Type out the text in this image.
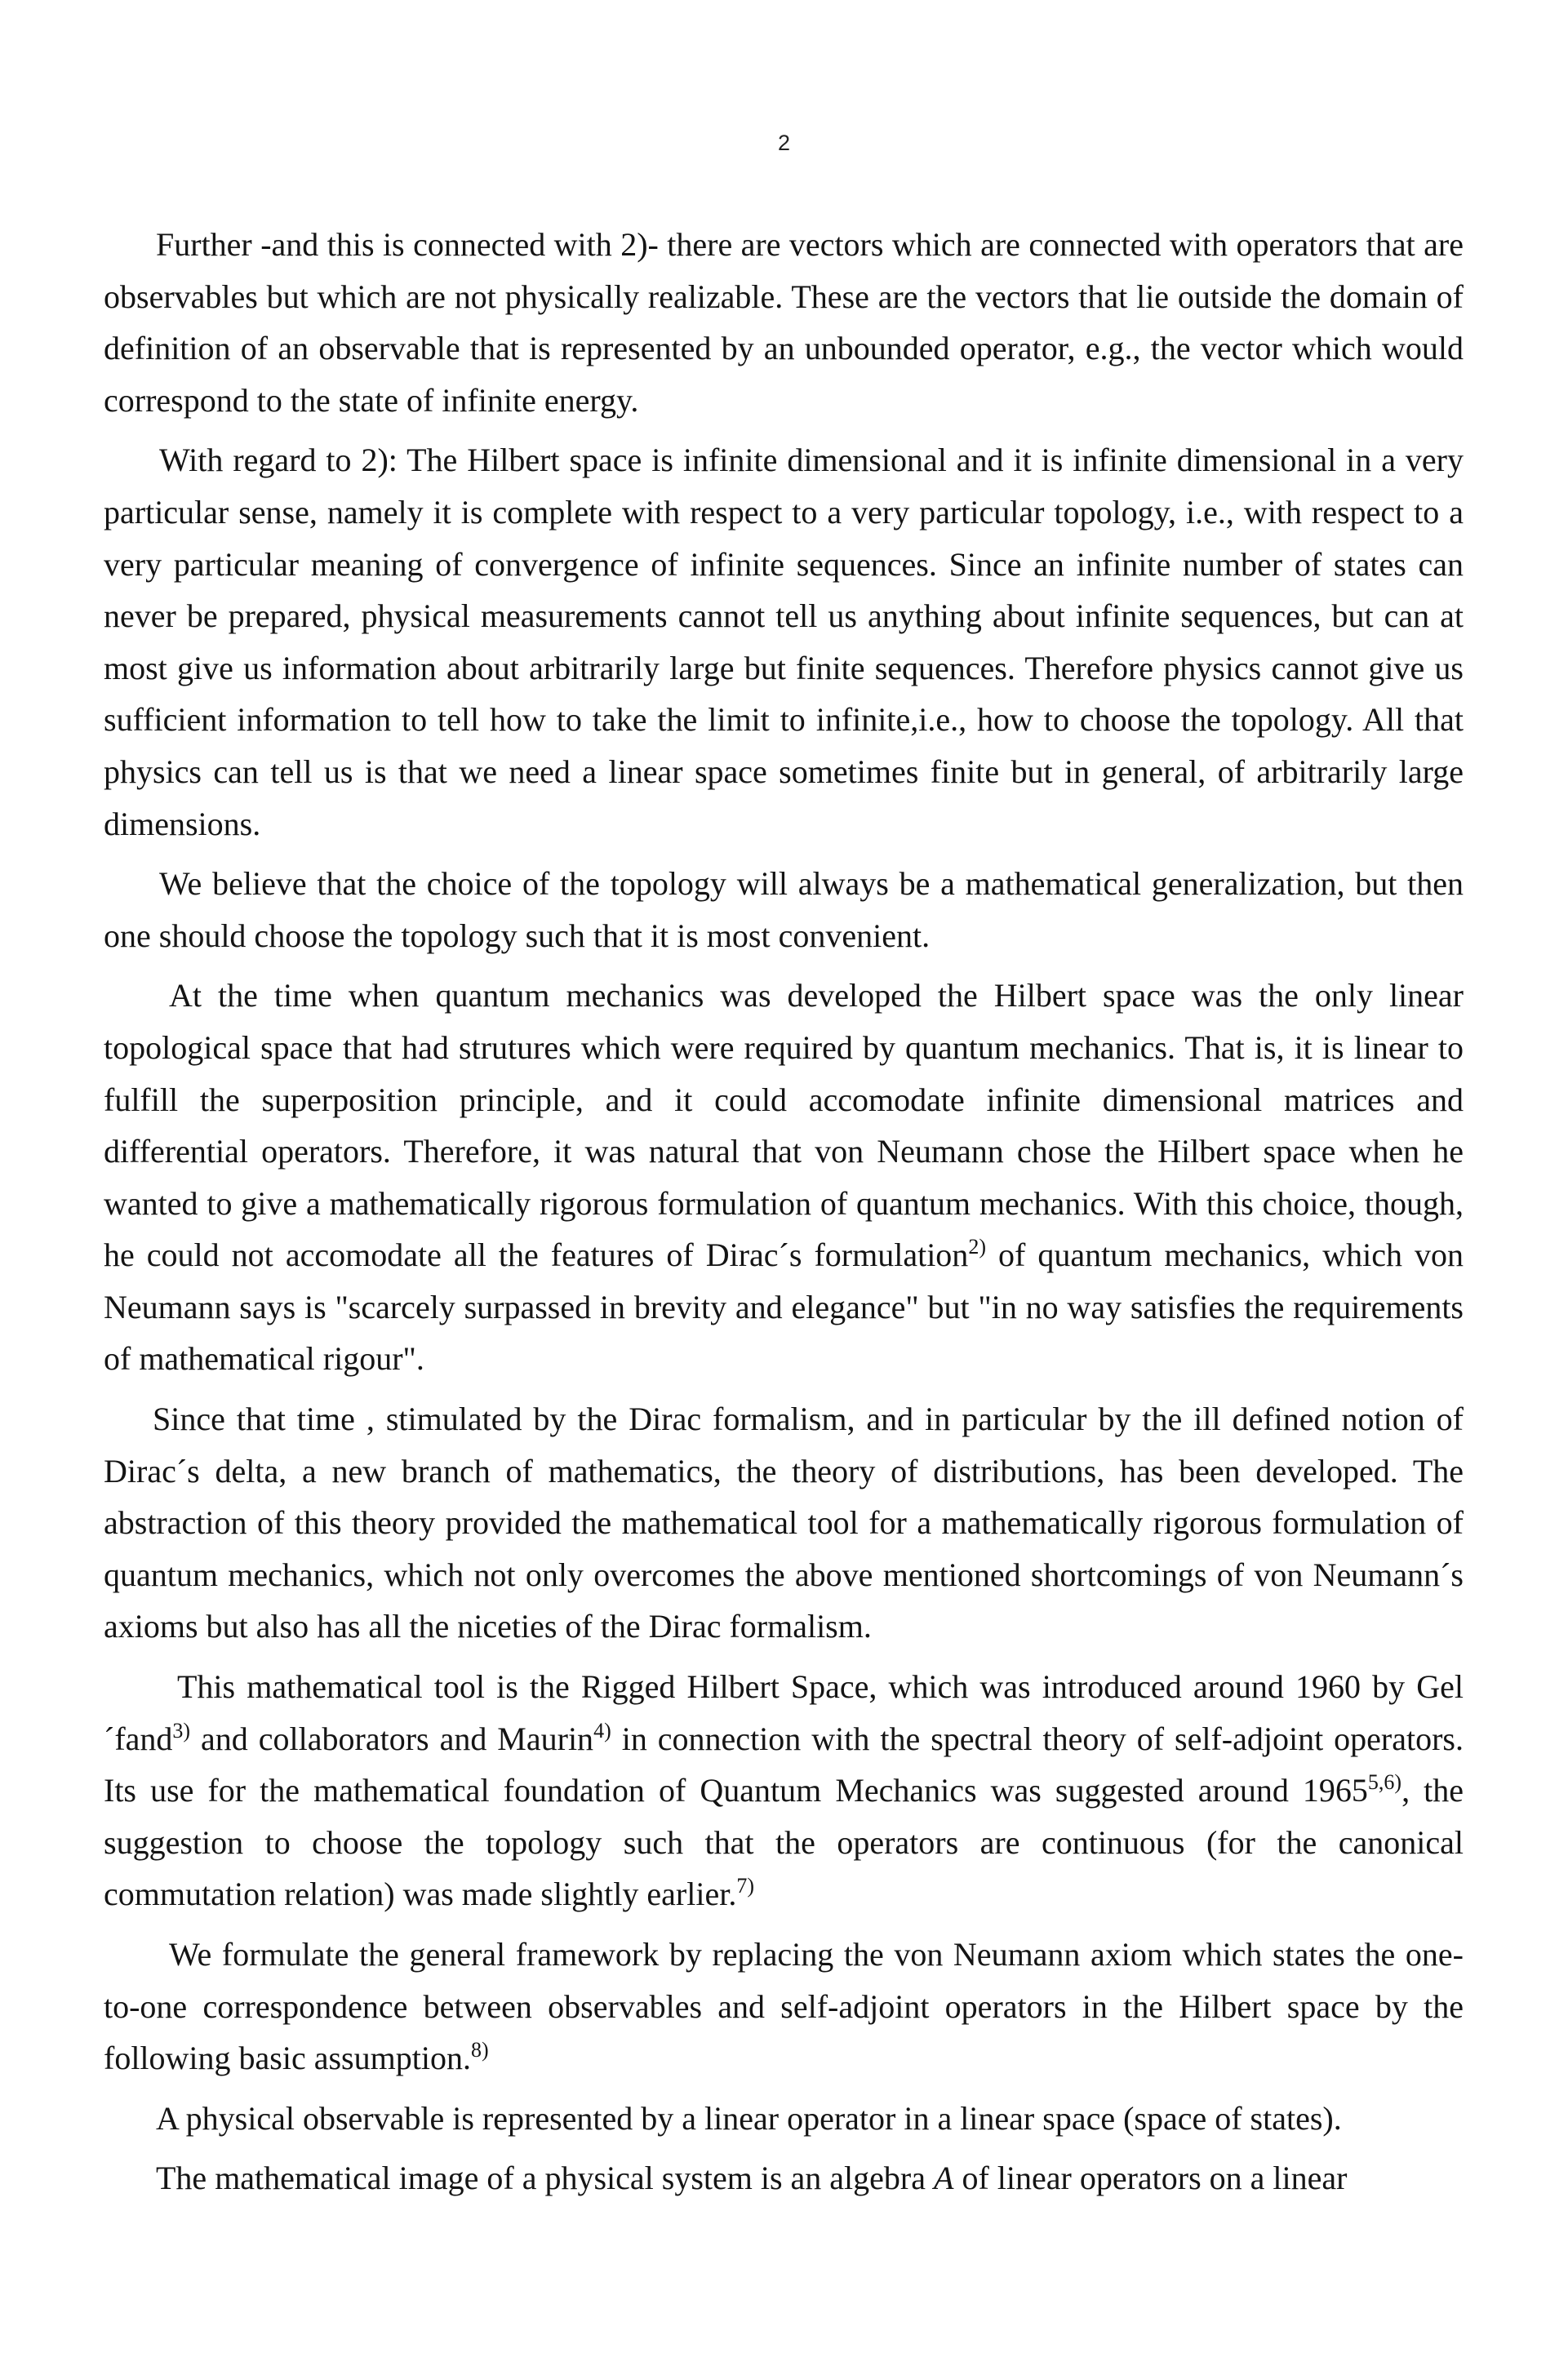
2

Further -and this is connected with 2)- there are vectors which are connected with operators that are observables but which are not physically realizable. These are the vectors that lie outside the domain of definition of an observable that is represented by an unbounded operator, e.g., the vector which would correspond to the state of infinite energy.

With regard to 2): The Hilbert space is infinite dimensional and it is infinite dimensional in a very particular sense, namely it is complete with respect to a very particular topology, i.e., with respect to a very particular meaning of convergence of infinite sequences. Since an infinite number of states can never be prepared, physical measurements cannot tell us anything about infinite sequences, but can at most give us information about arbitrarily large but finite sequences. Therefore physics cannot give us sufficient information to tell how to take the limit to infinite,i.e., how to choose the topology. All that physics can tell us is that we need a linear space sometimes finite but in general, of arbitrarily large dimensions.

We believe that the choice of the topology will always be a mathematical generalization, but then one should choose the topology such that it is most convenient.

At the time when quantum mechanics was developed the Hilbert space was the only linear topological space that had strutures which were required by quantum mechanics. That is, it is linear to fulfill the superposition principle, and it could accomodate infinite dimensional matrices and differential operators. Therefore, it was natural that von Neumann chose the Hilbert space when he wanted to give a mathematically rigorous formulation of quantum mechanics. With this choice, though, he could not accomodate all the features of Dirac´s formulation$^{2)}$ of quantum mechanics, which von Neumann says is "scarcely surpassed in brevity and elegance" but "in no way satisfies the requirements of mathematical rigour".

Since that time , stimulated by the Dirac formalism, and in particular by the ill defined notion of Dirac´s delta, a new branch of mathematics, the theory of distributions, has been developed. The abstraction of this theory provided the mathematical tool for a mathematically rigorous formulation of quantum mechanics, which not only overcomes the above mentioned shortcomings of von Neumann´s axioms but also has all the niceties of the Dirac formalism.

This mathematical tool is the Rigged Hilbert Space, which was introduced around 1960 by Gel´fand$^{3)}$ and collaborators and Maurin$^{4)}$ in connection with the spectral theory of self-adjoint operators. Its use for the mathematical foundation of Quantum Mechanics was suggested around 1965$^{5,6)}$, the suggestion to choose the topology such that the operators are continuous (for the canonical commutation relation) was made slightly earlier.$^{7)}$

We formulate the general framework by replacing the von Neumann axiom which states the one-to-one correspondence between observables and self-adjoint operators in the Hilbert space by the following basic assumption.$^{8)}$

A physical observable is represented by a linear operator in a linear space (space of states).

The mathematical image of a physical system is an algebra A of linear operators on a linear
